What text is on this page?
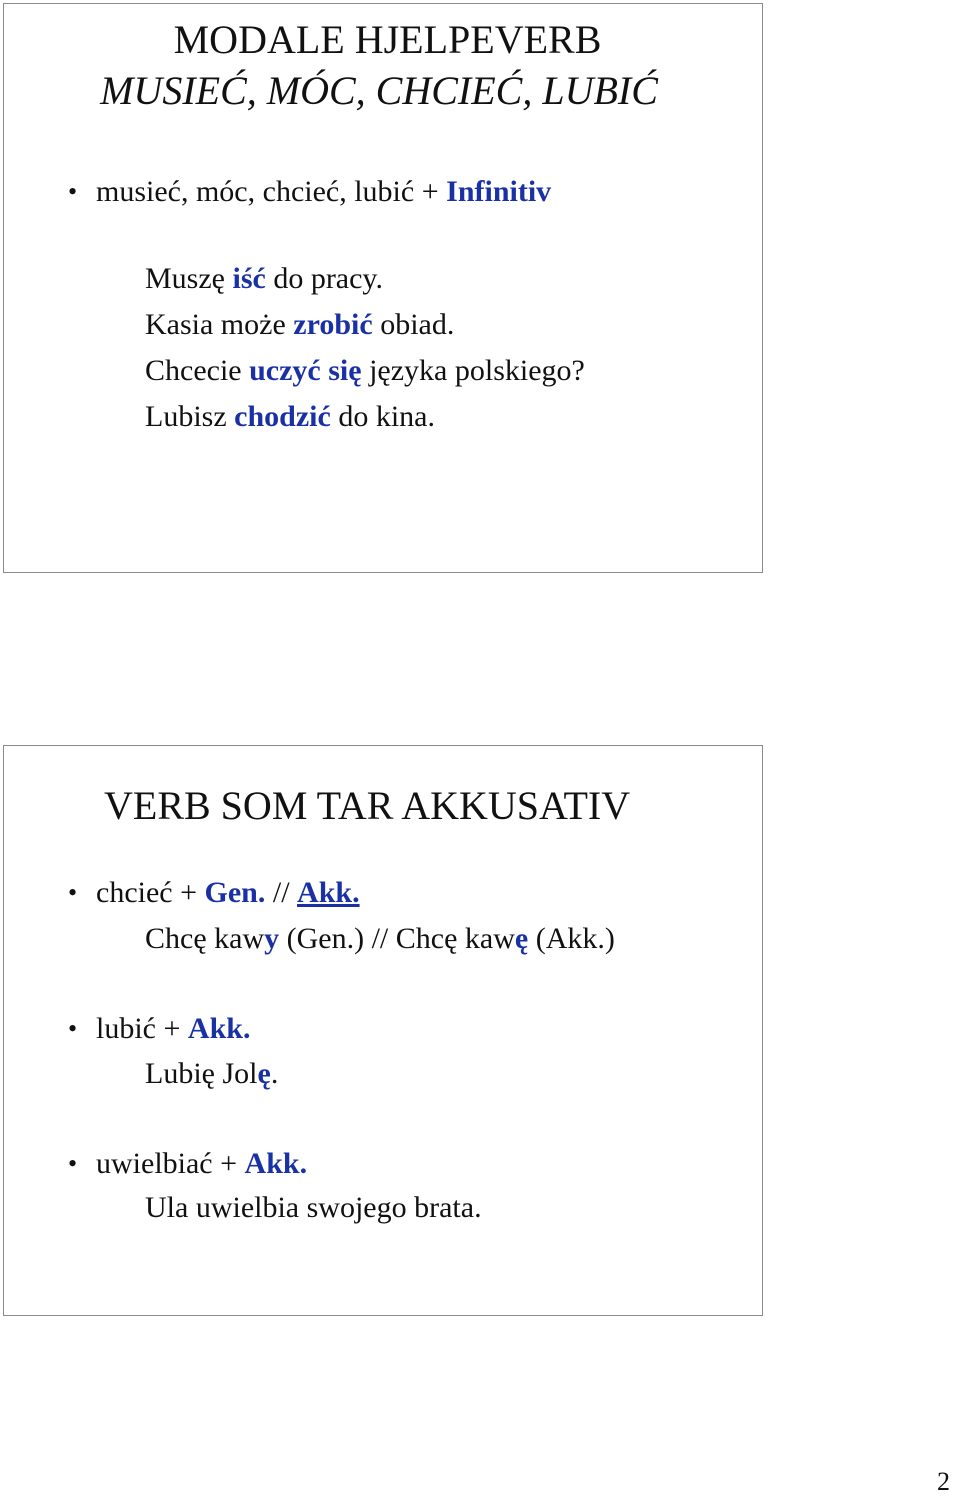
MODALE HJELPEVERB
MUSIEĆ, MÓC, CHCIEĆ, LUBIĆ
• musieć, móc, chcieć, lubić + Infinitiv
Muszę iść do pracy.
Kasia może zrobić obiad.
Chcecie uczyć się języka polskiego?
Lubisz chodzić do kina.
VERB SOM TAR AKKUSATIV
• chcieć + Gen. // Akk.
Chcę kawy (Gen.) // Chcę kawę (Akk.)
• lubić + Akk.
Lubię Jolę.
• uwielbiać + Akk.
Ula uwielbia swojego brata.
2
